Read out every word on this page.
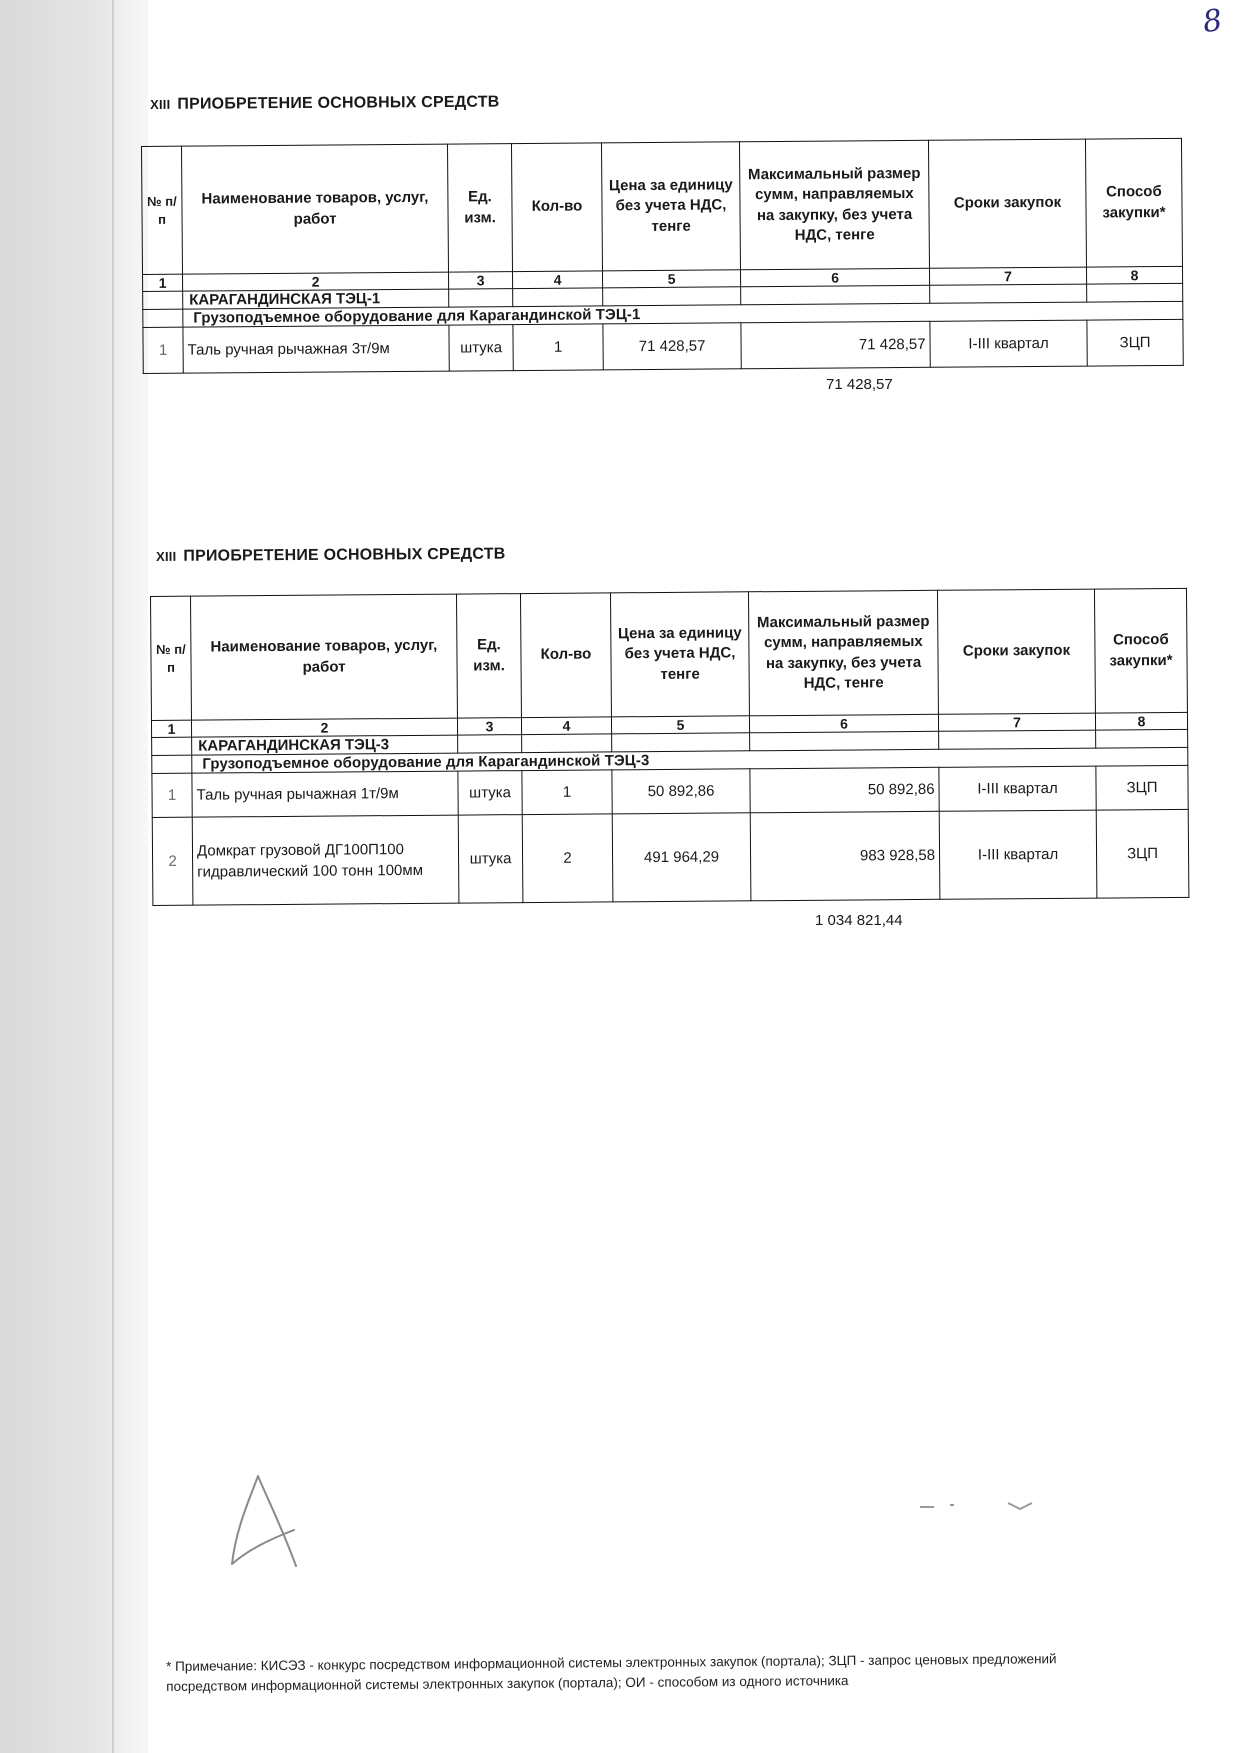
8
XIII ПРИОБРЕТЕНИЕ ОСНОВНЫХ СРЕДСТВ
№ п/п	Наименование товаров, услуг, работ	Ед. изм.	Кол-во	Цена за единицу без учета НДС, тенге	Максимальный размер сумм, направляемых на закупку, без учета НДС, тенге	Сроки закупок	Способ закупки*
1	2	3	4	5	6	7	8
	КАРАГАНДИНСКАЯ ТЭЦ-1						
	Грузоподъемное оборудование для Карагандинской ТЭЦ-1						
1	Таль ручная рычажная 3т/9м	штука	1	71 428,57	71 428,57	I-III квартал	ЗЦП
71 428,57
XIII ПРИОБРЕТЕНИЕ ОСНОВНЫХ СРЕДСТВ
№ п/п	Наименование товаров, услуг, работ	Ед. изм.	Кол-во	Цена за единицу без учета НДС, тенге	Максимальный размер сумм, направляемых на закупку, без учета НДС, тенге	Сроки закупок	Способ закупки*
1	2	3	4	5	6	7	8
	КАРАГАНДИНСКАЯ ТЭЦ-3						
	Грузоподъемное оборудование для Карагандинской ТЭЦ-3						
1	Таль ручная рычажная 1т/9м	штука	1	50 892,86	50 892,86	I-III квартал	ЗЦП
2	Домкрат грузовой ДГ100П100 гидравлический 100 тонн 100мм	штука	2	491 964,29	983 928,58	I-III квартал	ЗЦП
1 034 821,44
* Примечание: КИСЭЗ - конкурс посредством информационной системы электронных закупок (портала); ЗЦП - запрос ценовых предложений посредством информационной системы электронных закупок (портала); ОИ - способом из одного источника
